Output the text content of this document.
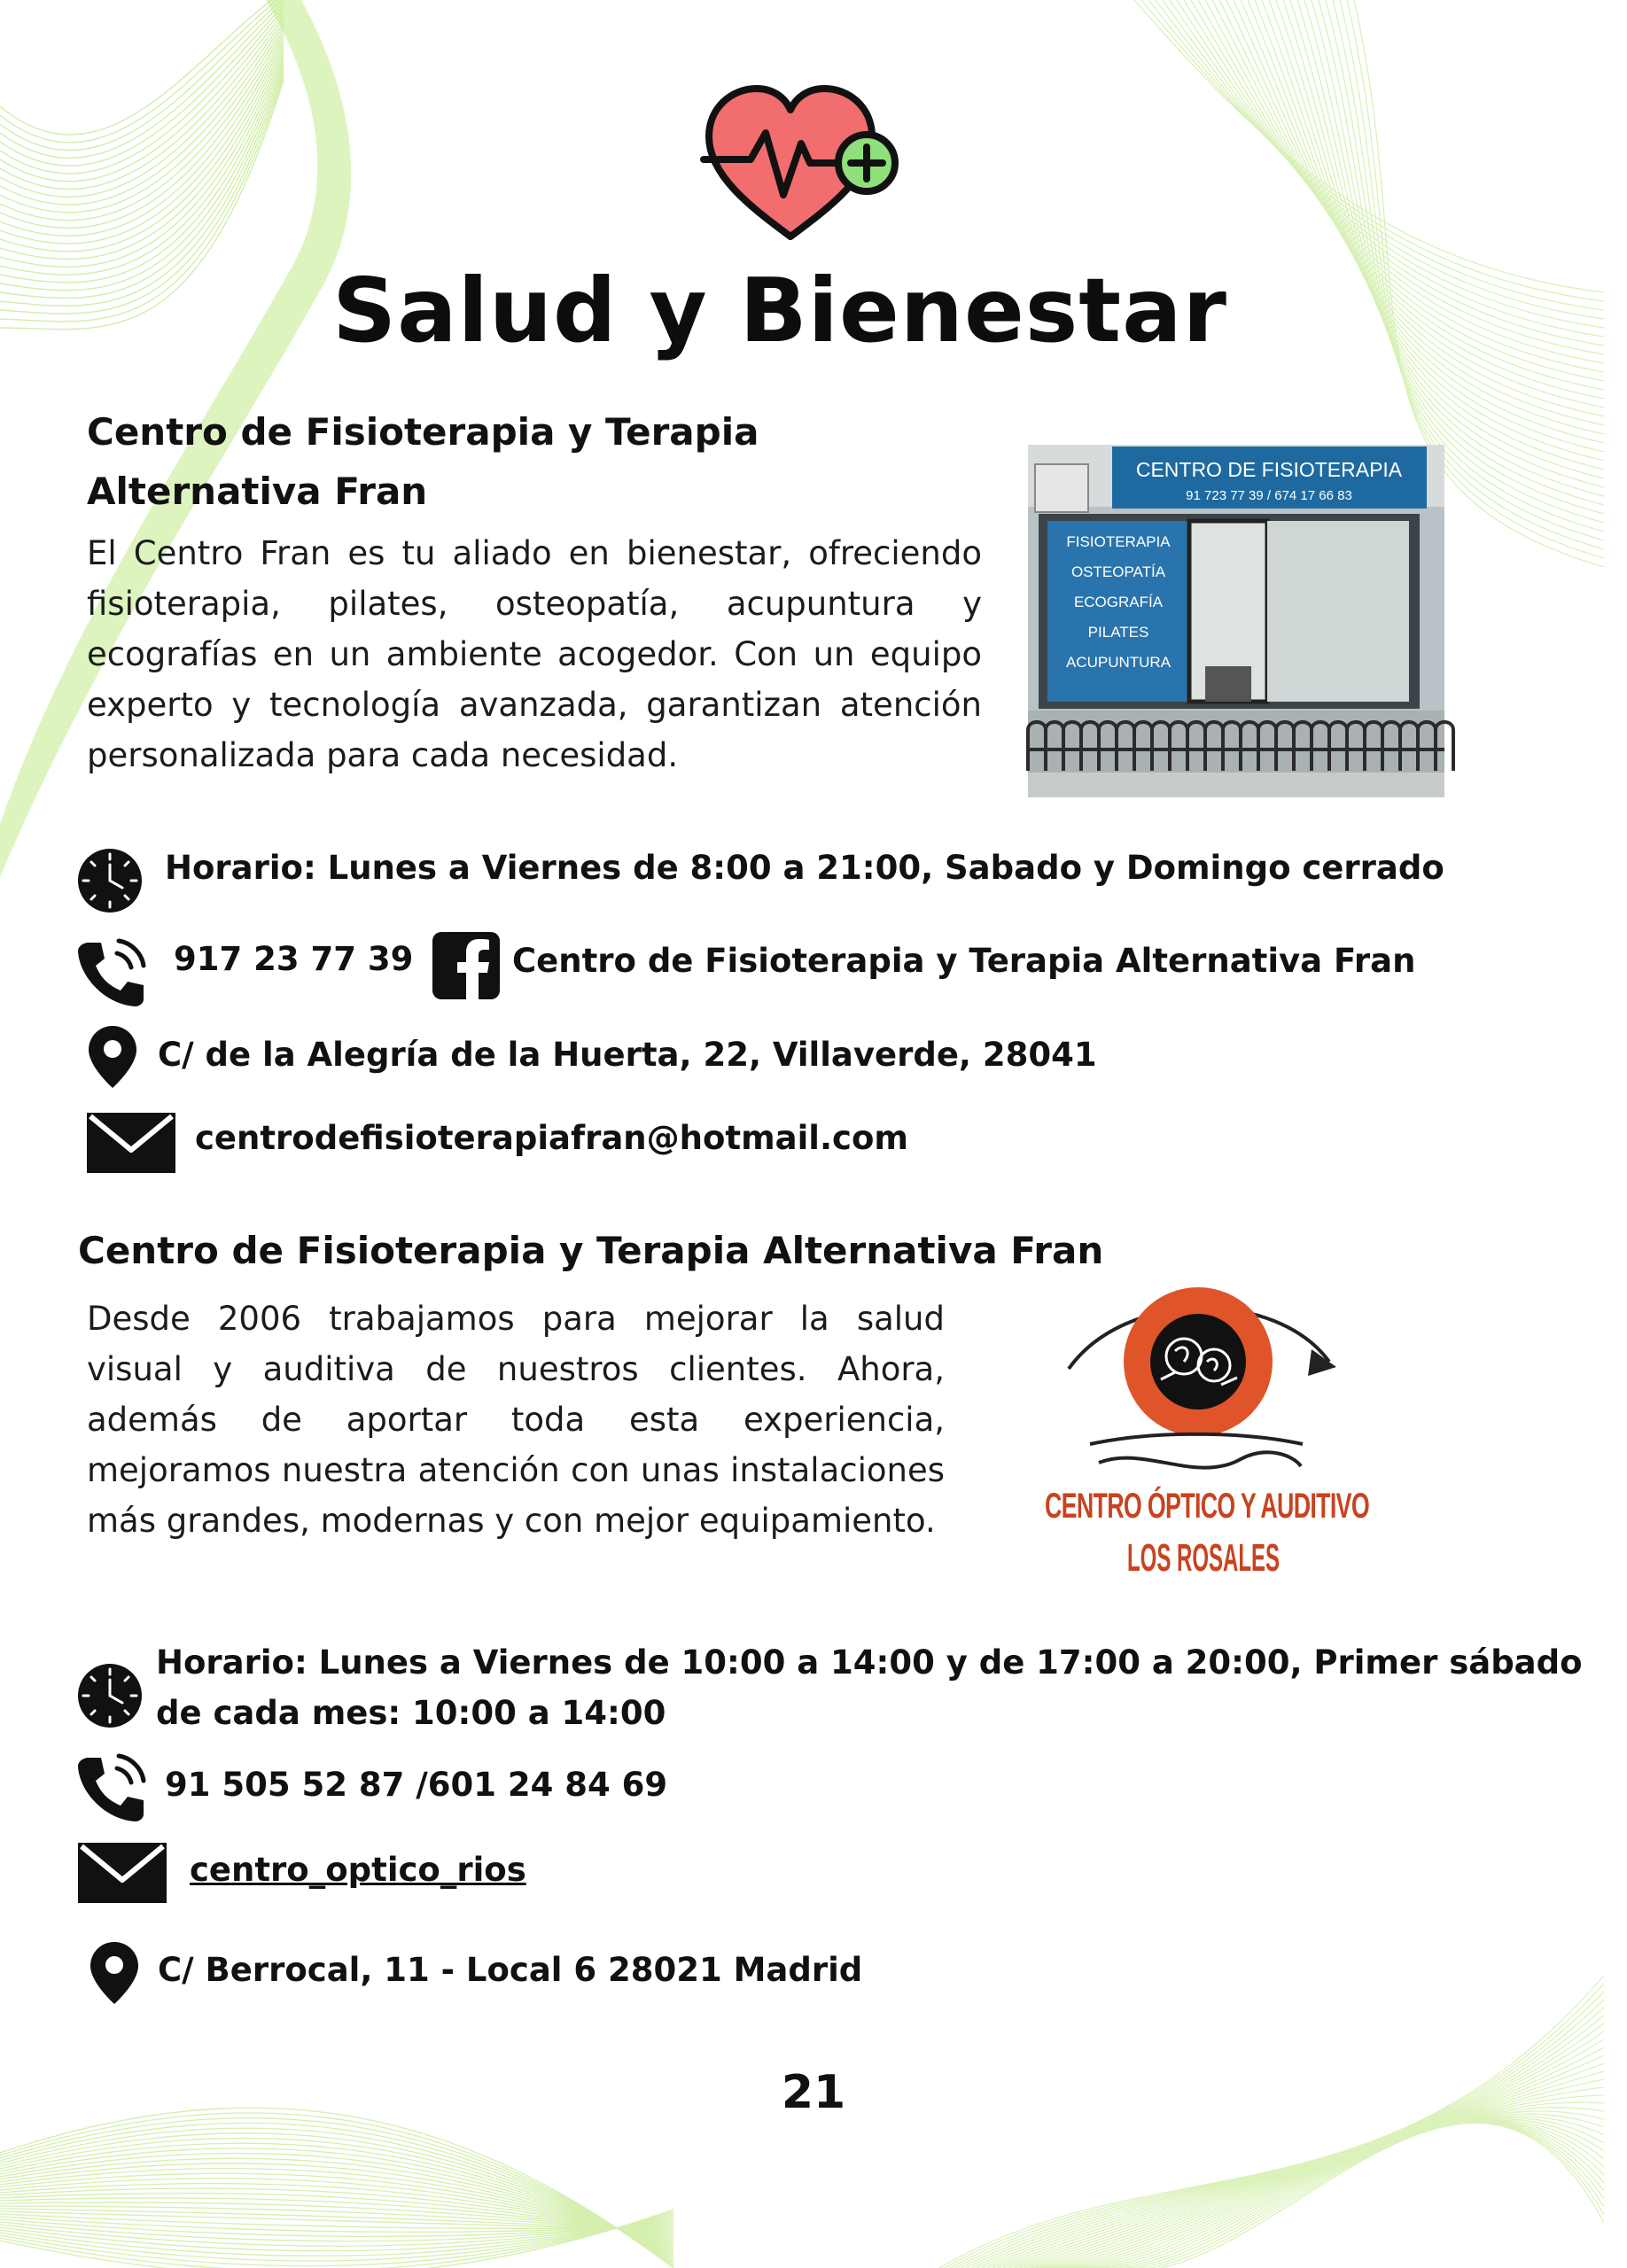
Salud y Bienestar
Centro de Fisioterapia y Terapia
Alternativa Fran
El Centro Fran es tu aliado en bienestar, ofreciendo fisioterapia, pilates, osteopatía, acupuntura y ecografías en un ambiente acogedor. Con un equipo experto y tecnología avanzada, garantizan atención personalizada para cada necesidad.
CENTRO DE FISIOTERAPIA
91 723 77 39 / 674 17 66 83
FISIOTERAPIA
OSTEOPATÍA
ECOGRAFÍA
PILATES
ACUPUNTURA
Horario: Lunes a Viernes de 8:00 a 21:00, Sabado y Domingo cerrado
917 23 77 39	Centro de Fisioterapia y Terapia Alternativa Fran
C/ de la Alegría de la Huerta, 22, Villaverde, 28041
centrodefisioterapiafran@hotmail.com
Centro de Fisioterapia y Terapia Alternativa Fran
Desde 2006 trabajamos para mejorar la salud visual y auditiva de nuestros clientes. Ahora, además de aportar toda esta experiencia, mejoramos nuestra atención con unas instalaciones más grandes, modernas y con mejor equipamiento.	CENTRO ÓPTICO Y AUDITIVO
LOS ROSALES
Horario: Lunes a Viernes de 10:00 a 14:00 y de 17:00 a 20:00, Primer sábado
de cada mes: 10:00 a 14:00
91 505 52 87 /601 24 84 69
centro_optico_rios
C/ Berrocal, 11 - Local 6 28021 Madrid
21
